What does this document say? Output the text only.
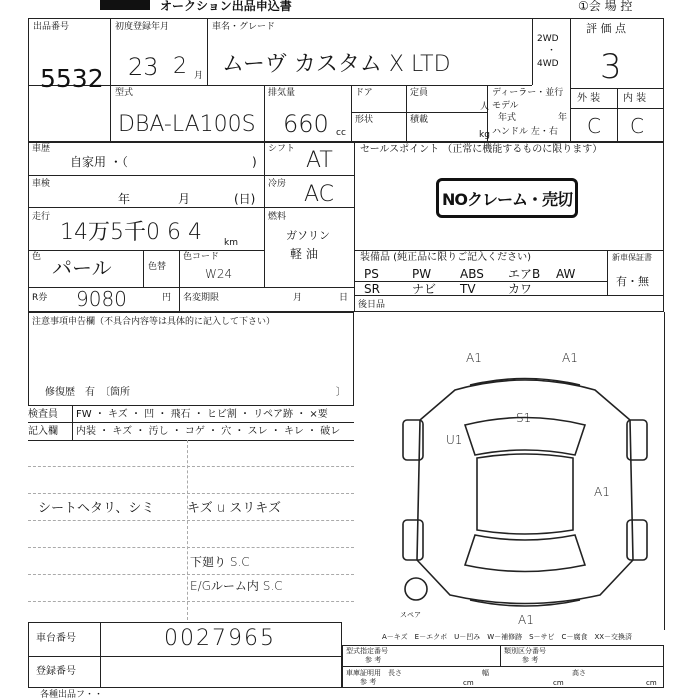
オークション出品申込書	①会 場 控
出品番号
5532
初度登録年月
23 2 月
車名・グレード
ムーヴ カスタム X LTD
2WD
・
4WD
評 価 点
3
型式
DBA-LA100S
排気量
660 cc
ドア
形状
定員
人
積載
kg
ディーラー・並行
モデル
年式	年
ハンドル 左・右
外 装 内 装
C C
車歴
自家用 ・（	)
シフト AT	セールスポイント （正常に機能するものに限ります）
NOクレーム・売切
車検
年	月	(日)
冷房 AC
走行
14万5千0 6 4 km
燃料
ガソリン
軽 油
色 パール	色替
色コード
W24
装備品 (純正品に限りご記入ください)	新車保証書
有・無
PS	PW ABS エアB AW
SR	ナビ TV	カワ
R券 9080	円 名変期限	月	日
後日品
注意事項申告欄（不具合内容等は具体的に記入して下さい）
修復歴　有　〔箇所	〕
検査員 FW ・ キズ ・ 凹 ・ 飛石 ・ ヒビ割 ・ リペア跡 ・ ×要
記入欄 内装 ・ キズ ・ 汚し ・ コゲ ・ 穴 ・ スレ ・ キレ ・ 破レ
シートヘタリ、シミ	キズ u スリキズ
下廻り S.C
E/Gルーム内 S.C
A1	A1
S1
U1
A1
A1
スペア
A－キズ　E－エクボ　U－凹み　W－補修跡　S－サビ　C－腐食　XX－交換済
車台番号	0027965
登録番号
型式指定番号
参 考
類別区分番号
参 考
車庫証明用
参 考
長さ
cm
幅
cm
高さ
cm
各種出品フ・・
